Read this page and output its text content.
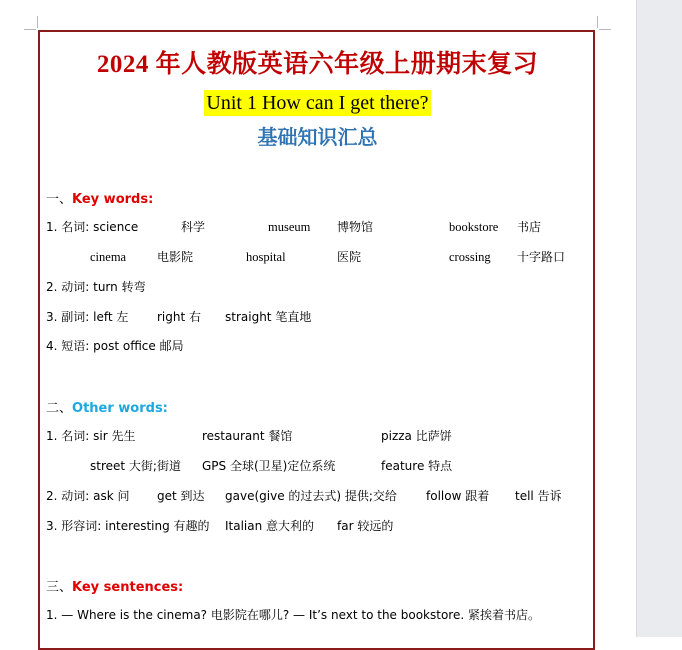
2024 年人教版英语六年级上册期末复习
Unit 1 How can I get there?
基础知识汇总
一、Key words:
1. 名词: science	科学	museum 博物馆	bookstore 书店
cinema	电影院	hospital	医院	crossing 十字路口
2. 动词: turn 转弯
3. 副词: left 左 right 右 straight 笔直地
4. 短语: post office 邮局
二、Other words:
1. 名词: sir 先生	restaurant 餐馆	pizza 比萨饼
street 大街;街道 GPS 全球(卫星)定位系统	feature 特点
2. 动词: ask 问 get 到达 gave(give 的过去式) 提供;交给 follow 跟着 tell 告诉
3. 形容词: interesting 有趣的 Italian 意大利的 far 较远的
三、Key sentences:
1. — Where is the cinema? 电影院在哪儿? — It’s next to the bookstore. 紧挨着书店。
